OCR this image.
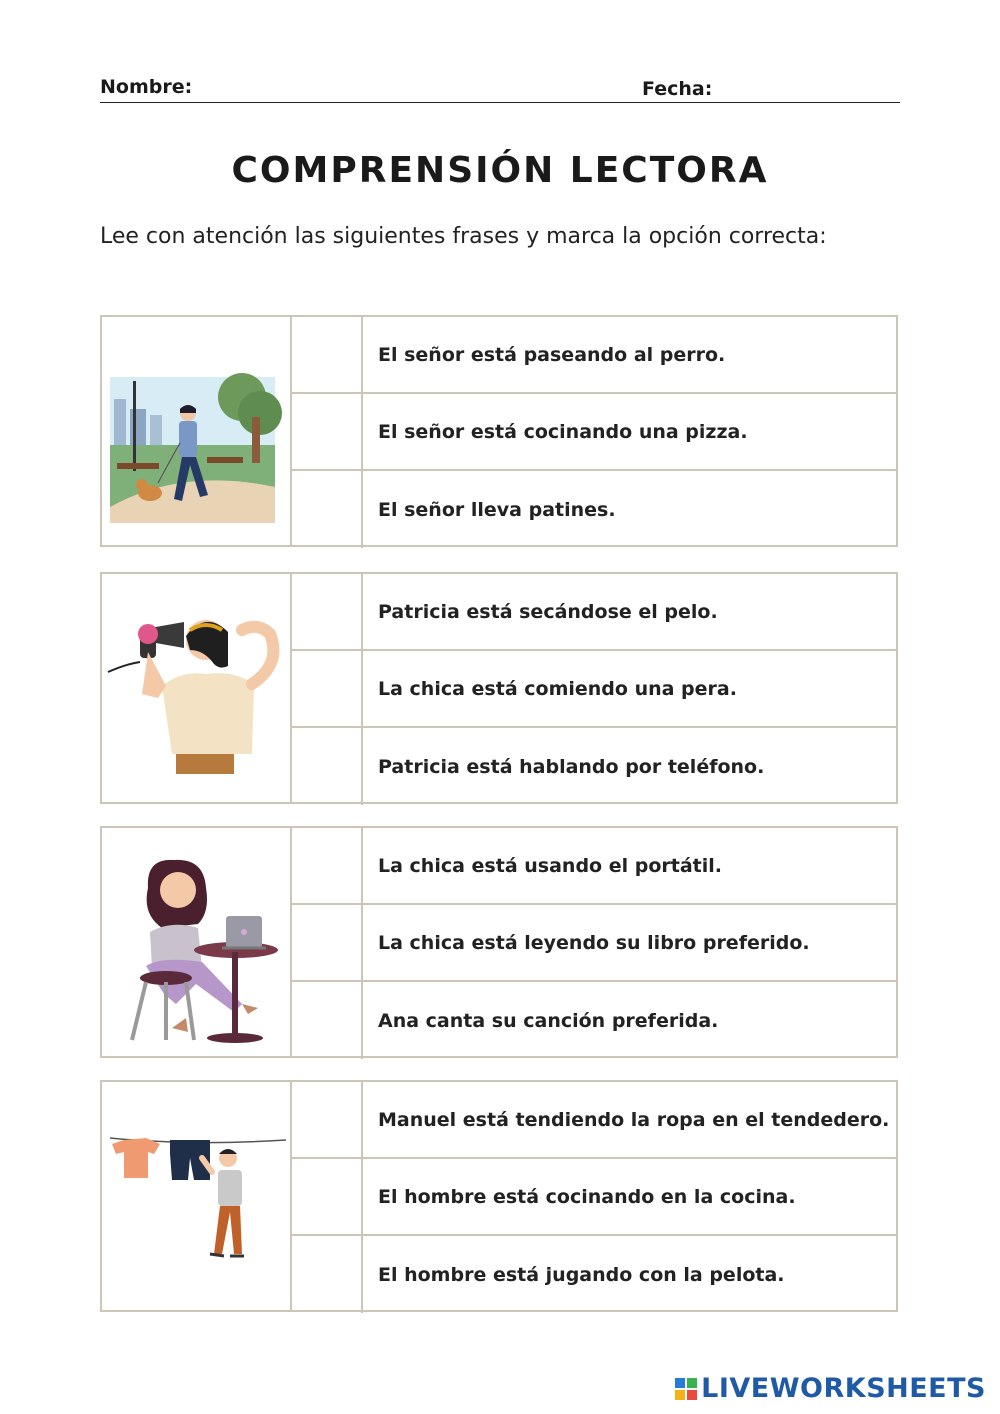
Nombre:	Fecha:
COMPRENSIÓN LECTORA
Lee con atención las siguientes frases y marca la opción correcta:
El señor está paseando al perro.
El señor está cocinando una pizza.
El señor lleva patines.
Patricia está secándose el pelo.
La chica está comiendo una pera.
Patricia está hablando por teléfono.
La chica está usando el portátil.
La chica está leyendo su libro preferido.
Ana canta su canción preferida.
Manuel está tendiendo la ropa en el tendedero.
El hombre está cocinando en la cocina.
El hombre está jugando con la pelota.
LIVEWORKSHEETS
